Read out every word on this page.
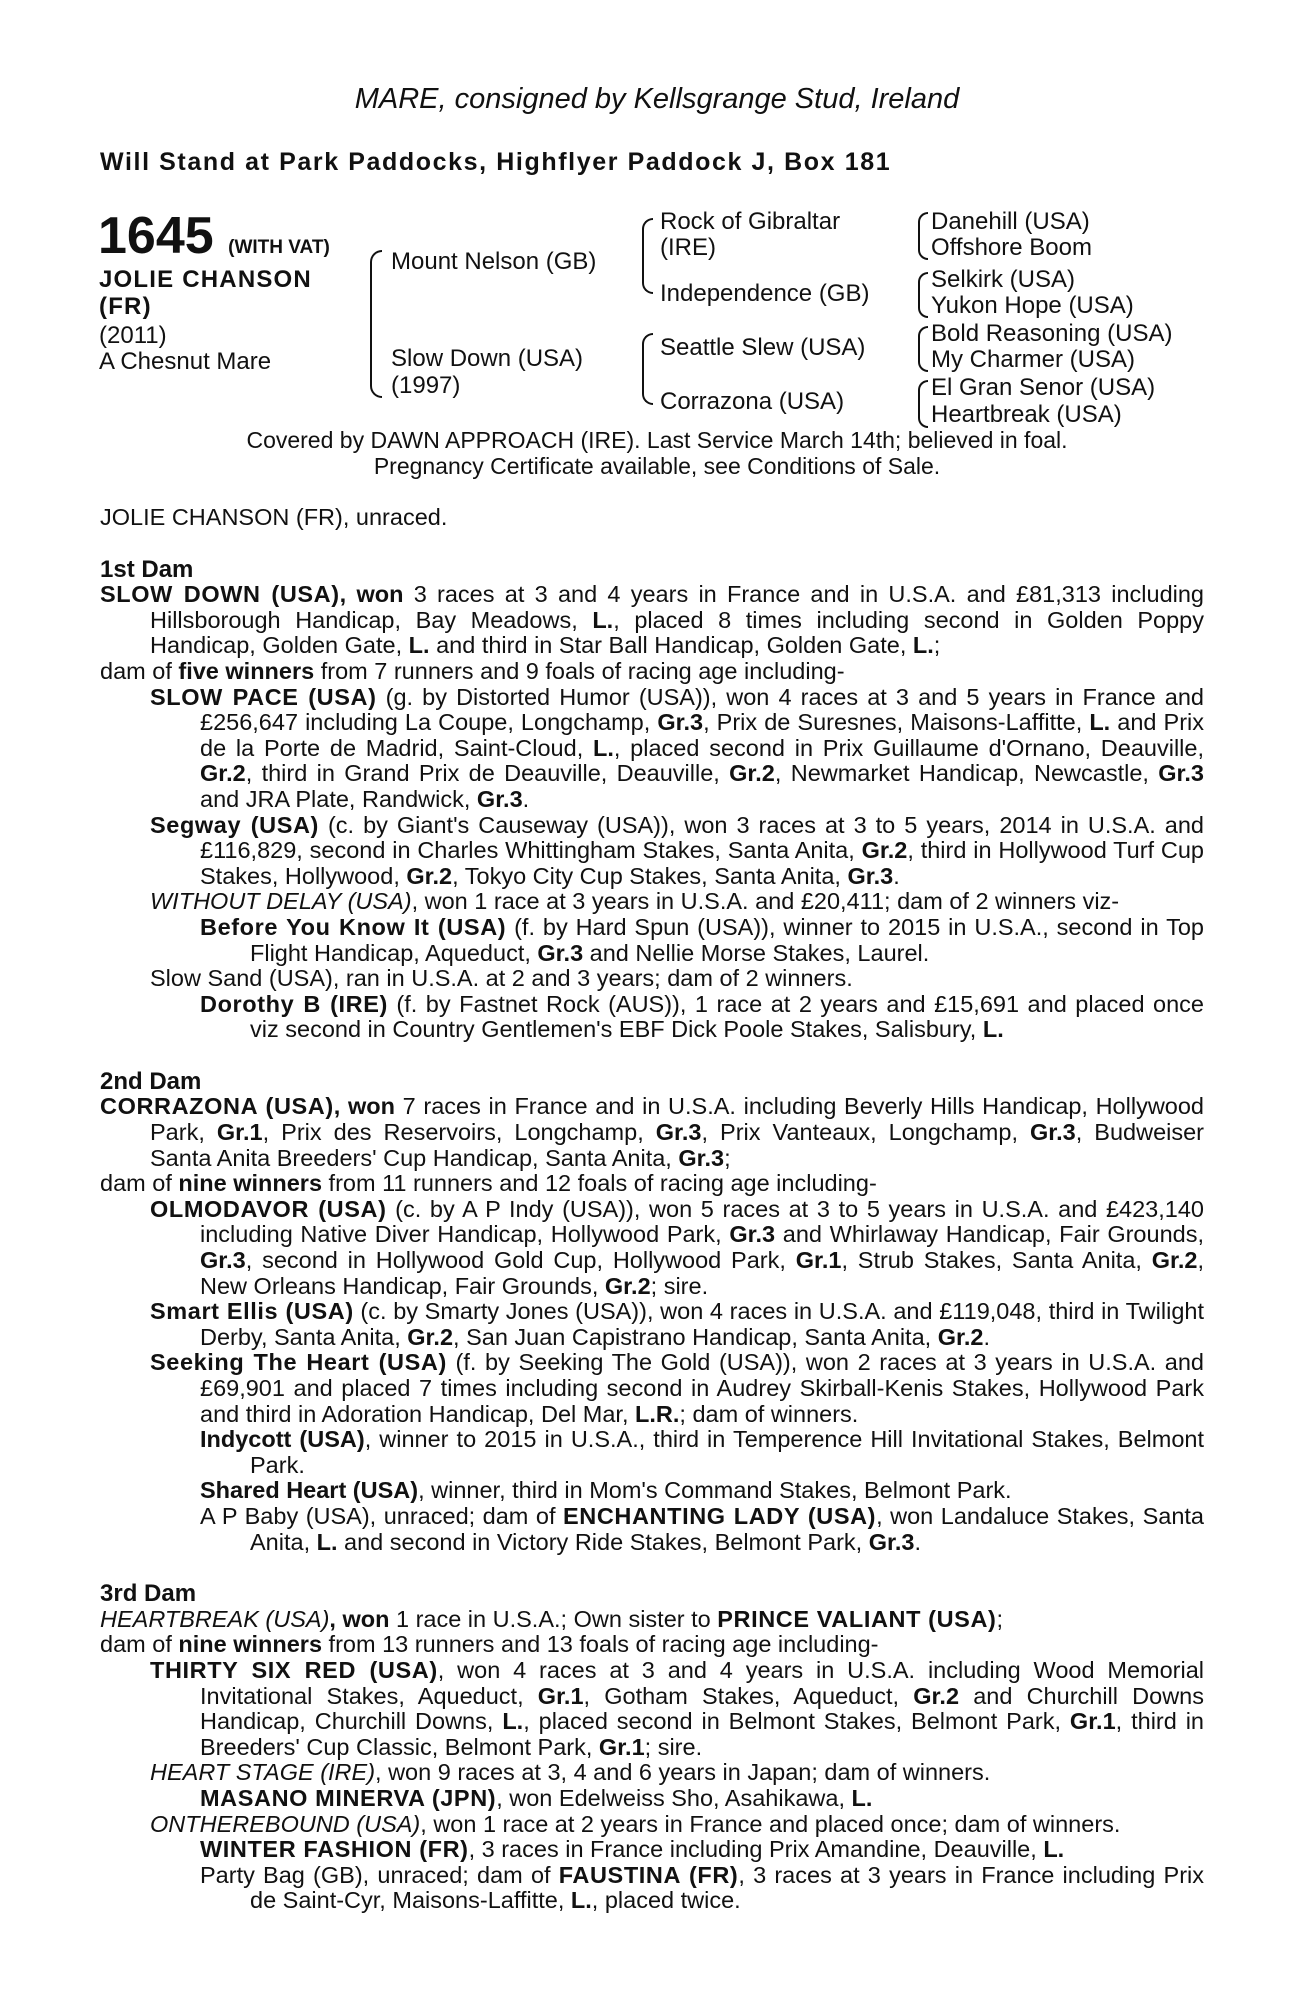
MARE, consigned by Kellsgrange Stud, Ireland
Will Stand at Park Paddocks, Highflyer Paddock J, Box 181
1645 (WITH VAT)
JOLIE CHANSON
(FR)
(2011)
A Chesnut Mare
Mount Nelson (GB)
Slow Down (USA)
(1997)
Rock of Gibraltar
(IRE)
Independence (GB)
Seattle Slew (USA)
Corrazona (USA)
Danehill (USA)
Offshore Boom
Selkirk (USA)
Yukon Hope (USA)
Bold Reasoning (USA)
My Charmer (USA)
El Gran Senor (USA)
Heartbreak (USA)
Covered by DAWN APPROACH (IRE). Last Service March 14th; believed in foal.
Pregnancy Certificate available, see Conditions of Sale.

JOLIE CHANSON (FR), unraced.

1st Dam

SLOW DOWN (USA), won 3 races at 3 and 4 years in France and in U.S.A. and £81,313 including Hillsborough Handicap, Bay Meadows, L., placed 8 times including second in Golden Poppy Handicap, Golden Gate, L. and third in Star Ball Handicap, Golden Gate, L.;

dam of five winners from 7 runners and 9 foals of racing age including-

SLOW PACE (USA) (g. by Distorted Humor (USA)), won 4 races at 3 and 5 years in France and £256,647 including La Coupe, Longchamp, Gr.3, Prix de Suresnes, Maisons-Laffitte, L. and Prix de la Porte de Madrid, Saint-Cloud, L., placed second in Prix Guillaume d'Ornano, Deauville, Gr.2, third in Grand Prix de Deauville, Deauville, Gr.2, Newmarket Handicap, Newcastle, Gr.3 and JRA Plate, Randwick, Gr.3.

Segway (USA) (c. by Giant's Causeway (USA)), won 3 races at 3 to 5 years, 2014 in U.S.A. and £116,829, second in Charles Whittingham Stakes, Santa Anita, Gr.2, third in Hollywood Turf Cup Stakes, Hollywood, Gr.2, Tokyo City Cup Stakes, Santa Anita, Gr.3.

WITHOUT DELAY (USA), won 1 race at 3 years in U.S.A. and £20,411; dam of 2 winners viz-

Before You Know It (USA) (f. by Hard Spun (USA)), winner to 2015 in U.S.A., second in Top Flight Handicap, Aqueduct, Gr.3 and Nellie Morse Stakes, Laurel.

Slow Sand (USA), ran in U.S.A. at 2 and 3 years; dam of 2 winners.

Dorothy B (IRE) (f. by Fastnet Rock (AUS)), 1 race at 2 years and £15,691 and placed once viz second in Country Gentlemen's EBF Dick Poole Stakes, Salisbury, L.

2nd Dam

CORRAZONA (USA), won 7 races in France and in U.S.A. including Beverly Hills Handicap, Hollywood Park, Gr.1, Prix des Reservoirs, Longchamp, Gr.3, Prix Vanteaux, Longchamp, Gr.3, Budweiser Santa Anita Breeders' Cup Handicap, Santa Anita, Gr.3;

dam of nine winners from 11 runners and 12 foals of racing age including-

OLMODAVOR (USA) (c. by A P Indy (USA)), won 5 races at 3 to 5 years in U.S.A. and £423,140 including Native Diver Handicap, Hollywood Park, Gr.3 and Whirlaway Handicap, Fair Grounds, Gr.3, second in Hollywood Gold Cup, Hollywood Park, Gr.1, Strub Stakes, Santa Anita, Gr.2, New Orleans Handicap, Fair Grounds, Gr.2; sire.

Smart Ellis (USA) (c. by Smarty Jones (USA)), won 4 races in U.S.A. and £119,048, third in Twilight Derby, Santa Anita, Gr.2, San Juan Capistrano Handicap, Santa Anita, Gr.2.

Seeking The Heart (USA) (f. by Seeking The Gold (USA)), won 2 races at 3 years in U.S.A. and £69,901 and placed 7 times including second in Audrey Skirball-Kenis Stakes, Hollywood Park and third in Adoration Handicap, Del Mar, L.R.; dam of winners.

Indycott (USA), winner to 2015 in U.S.A., third in Temperence Hill Invitational Stakes, Belmont Park.

Shared Heart (USA), winner, third in Mom's Command Stakes, Belmont Park.

A P Baby (USA), unraced; dam of ENCHANTING LADY (USA), won Landaluce Stakes, Santa Anita, L. and second in Victory Ride Stakes, Belmont Park, Gr.3.

3rd Dam

HEARTBREAK (USA), won 1 race in U.S.A.; Own sister to PRINCE VALIANT (USA);

dam of nine winners from 13 runners and 13 foals of racing age including-

THIRTY SIX RED (USA), won 4 races at 3 and 4 years in U.S.A. including Wood Memorial Invitational Stakes, Aqueduct, Gr.1, Gotham Stakes, Aqueduct, Gr.2 and Churchill Downs Handicap, Churchill Downs, L., placed second in Belmont Stakes, Belmont Park, Gr.1, third in Breeders' Cup Classic, Belmont Park, Gr.1; sire.

HEART STAGE (IRE), won 9 races at 3, 4 and 6 years in Japan; dam of winners.

MASANO MINERVA (JPN), won Edelweiss Sho, Asahikawa, L.

ONTHEREBOUND (USA), won 1 race at 2 years in France and placed once; dam of winners.

WINTER FASHION (FR), 3 races in France including Prix Amandine, Deauville, L.

Party Bag (GB), unraced; dam of FAUSTINA (FR), 3 races at 3 years in France including Prix de Saint-Cyr, Maisons-Laffitte, L., placed twice.
